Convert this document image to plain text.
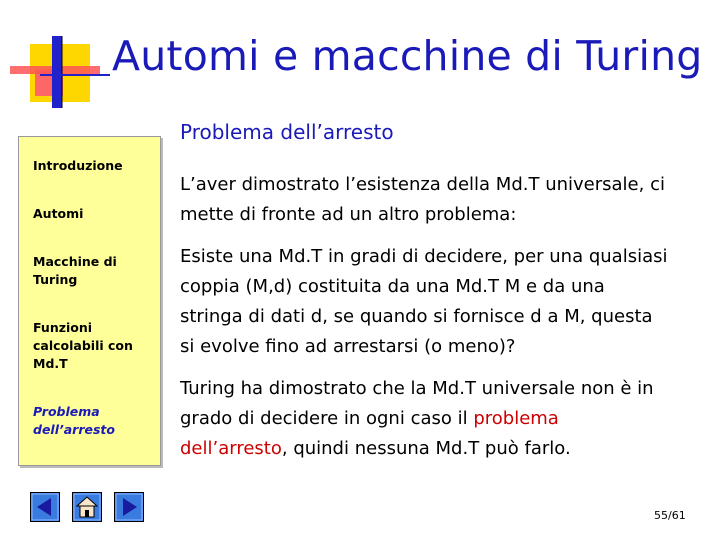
Automi e macchine di Turing
Problema dell’arresto
Introduzione
Automi
Macchine di
Turing
Funzioni
calcolabili con
Md.T
Problema
dell’arresto
L’aver dimostrato l’esistenza della Md.T universale, ci
mette di fronte ad un altro problema:
Esiste una Md.T in gradi di decidere, per una qualsiasi
coppia (M,d) costituita da una Md.T M e da una
stringa di dati d, se quando si fornisce d a M, questa
si evolve fino ad arrestarsi (o meno)?
Turing ha dimostrato che la Md.T universale non è in
grado di decidere in ogni caso il problema
dell’arresto, quindi nessuna Md.T può farlo.
55/61
